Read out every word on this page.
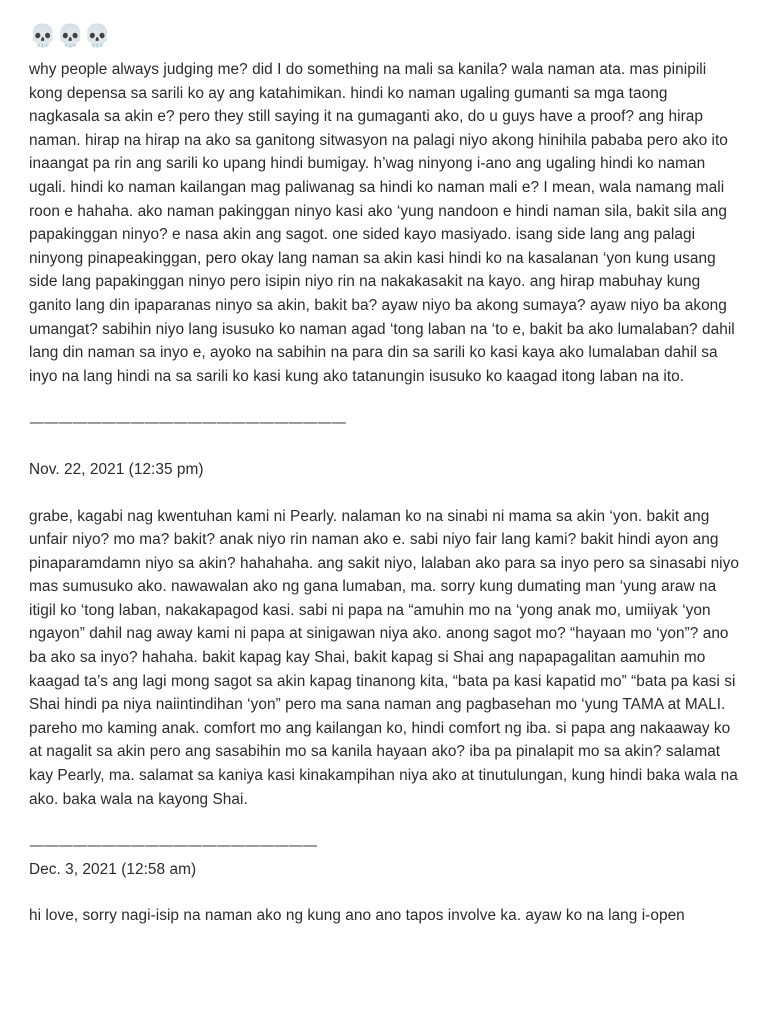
💀💀💀

why people always judging me? did I do something na mali sa kanila? wala naman ata. mas pinipili kong depensa sa sarili ko ay ang katahimikan. hindi ko naman ugaling gumanti sa mga taong nagkasala sa akin e? pero they still saying it na gumaganti ako, do u guys have a proof? ang hirap naman. hirap na hirap na ako sa ganitong sitwasyon na palagi niyo akong hinihila pababa pero ako ito inaangat pa rin ang sarili ko upang hindi bumigay. h’wag ninyong i-ano ang ugaling hindi ko naman ugali. hindi ko naman kailangan mag paliwanag sa hindi ko naman mali e? I mean, wala namang mali roon e hahaha. ako naman pakinggan ninyo kasi ako ‘yung nandoon e hindi naman sila, bakit sila ang papakinggan ninyo? e nasa akin ang sagot. one sided kayo masiyado. isang side lang ang palagi ninyong pinapeakinggan, pero okay lang naman sa akin kasi hindi ko na kasalanan ‘yon kung usang side lang papakinggan ninyo pero isipin niyo rin na nakakasakit na kayo. ang hirap mabuhay kung ganito lang din ipaparanas ninyo sa akin, bakit ba? ayaw niyo ba akong sumaya? ayaw niyo ba akong umangat? sabihin niyo lang isusuko ko naman agad ‘tong laban na ‘to e, bakit ba ako lumalaban? dahil lang din naman sa inyo e, ayoko na sabihin na para din sa sarili ko kasi kaya ako lumalaban dahil sa inyo na lang hindi na sa sarili ko kasi kung ako tatanungin isusuko ko kaagad itong laban na ito.

——————————————————————

Nov. 22, 2021 (12:35 pm)

grabe, kagabi nag kwentuhan kami ni Pearly. nalaman ko na sinabi ni mama sa akin ‘yon. bakit ang unfair niyo? mo ma? bakit? anak niyo rin naman ako e. sabi niyo fair lang kami? bakit hindi ayon ang pinaparamdamn niyo sa akin? hahahaha. ang sakit niyo, lalaban ako para sa inyo pero sa sinasabi niyo mas sumusuko ako. nawawalan ako ng gana lumaban, ma. sorry kung dumating man ‘yung araw na itigil ko ‘tong laban, nakakapagod kasi. sabi ni papa na “amuhin mo na ‘yong anak mo, umiiyak ‘yon ngayon” dahil nag away kami ni papa at sinigawan niya ako. anong sagot mo? “hayaan mo ‘yon”? ano ba ako sa inyo? hahaha. bakit kapag kay Shai, bakit kapag si Shai ang napapagalitan aamuhin mo kaagad ta’s ang lagi mong sagot sa akin kapag tinanong kita, “bata pa kasi kapatid mo” “bata pa kasi si Shai hindi pa niya naiintindihan ‘yon” pero ma sana naman ang pagbasehan mo ‘yung TAMA at MALI. pareho mo kaming anak. comfort mo ang kailangan ko, hindi comfort ng iba. si papa ang nakaaway ko at nagalit sa akin pero ang sasabihin mo sa kanila hayaan ako? iba pa pinalapit mo sa akin? salamat kay Pearly, ma. salamat sa kaniya kasi kinakampihan niya ako at tinutulungan, kung hindi baka wala na ako. baka wala na kayong Shai.

————————————————————

Dec. 3, 2021 (12:58 am)

hi love, sorry nagi-isip na naman ako ng kung ano ano tapos involve ka. ayaw ko na lang i-open
